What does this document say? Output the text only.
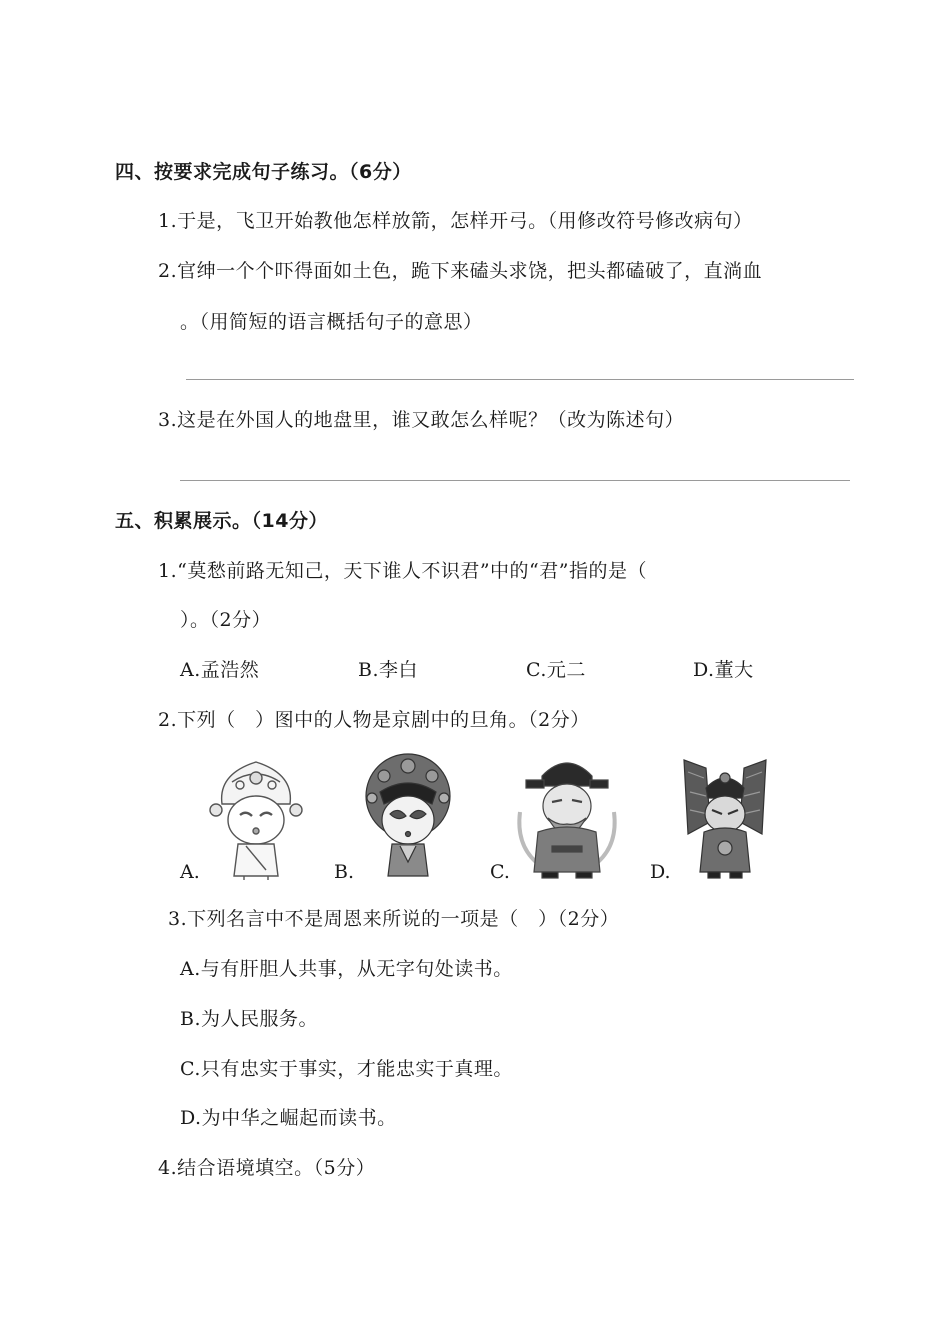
四、按要求完成句子练习。（6分）
1.于是，飞卫开始教他怎样放箭，怎样开弓。（用修改符号修改病句）
2.官绅一个个吓得面如土色，跪下来磕头求饶，把头都磕破了，直淌血
。（用简短的语言概括句子的意思）
3.这是在外国人的地盘里，谁又敢怎么样呢？（改为陈述句）
五、积累展示。（14分）
1.“莫愁前路无知己，天下谁人不识君”中的“君”指的是（
）。（2分）
A.孟浩然	B.李白	C.元二	D.董大
2.下列（　）图中的人物是京剧中的旦角。（2分）
A.	B.	C.	D.
3.下列名言中不是周恩来所说的一项是（　）（2分）
A.与有肝胆人共事，从无字句处读书。
B.为人民服务。
C.只有忠实于事实，才能忠实于真理。
D.为中华之崛起而读书。
4.结合语境填空。（5分）
